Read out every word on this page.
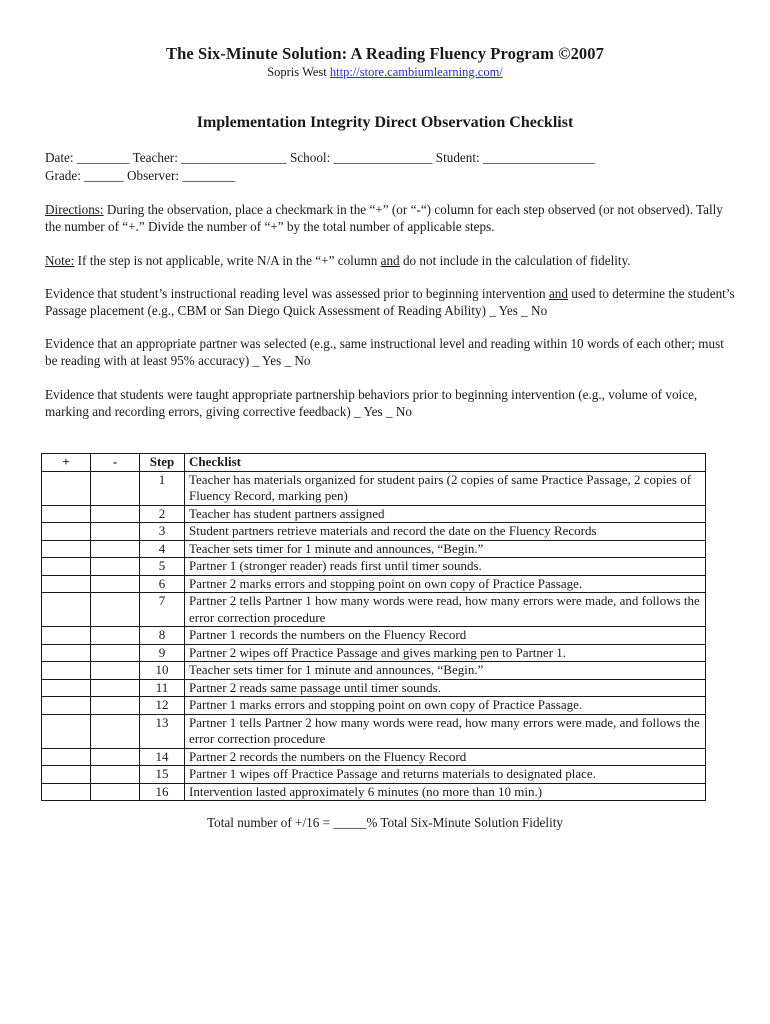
The Six-Minute Solution: A Reading Fluency Program ©2007
Sopris West http://store.cambiumlearning.com/
Implementation Integrity Direct Observation Checklist
Date: ________ Teacher: ________________ School: _______________ Student: _________________
Grade: ______ Observer: ________
Directions: During the observation, place a checkmark in the “+” (or “-“) column for each step observed (or not observed). Tally the number of “+.” Divide the number of “+” by the total number of applicable steps.
Note: If the step is not applicable, write N/A in the “+” column and do not include in the calculation of fidelity.
Evidence that student’s instructional reading level was assessed prior to beginning intervention and used to determine the student’s Passage placement (e.g., CBM or San Diego Quick Assessment of Reading Ability) _ Yes _ No
Evidence that an appropriate partner was selected (e.g., same instructional level and reading within 10 words of each other; must be reading with at least 95% accuracy) _ Yes _ No
Evidence that students were taught appropriate partnership behaviors prior to beginning intervention (e.g., volume of voice, marking and recording errors, giving corrective feedback) _ Yes _ No
+	-	Step	Checklist
		1	Teacher has materials organized for student pairs (2 copies of same Practice Passage, 2 copies of Fluency Record, marking pen)
		2	Teacher has student partners assigned
		3	Student partners retrieve materials and record the date on the Fluency Records
		4	Teacher sets timer for 1 minute and announces, “Begin.”
		5	Partner 1 (stronger reader) reads first until timer sounds.
		6	Partner 2 marks errors and stopping point on own copy of Practice Passage.
		7	Partner 2 tells Partner 1 how many words were read, how many errors were made, and follows the error correction procedure
		8	Partner 1 records the numbers on the Fluency Record
		9	Partner 2 wipes off Practice Passage and gives marking pen to Partner 1.
		10	Teacher sets timer for 1 minute and announces, “Begin.”
		11	Partner 2 reads same passage until timer sounds.
		12	Partner 1 marks errors and stopping point on own copy of Practice Passage.
		13	Partner 1 tells Partner 2 how many words were read, how many errors were made, and follows the error correction procedure
		14	Partner 2 records the numbers on the Fluency Record
		15	Partner 1 wipes off Practice Passage and returns materials to designated place.
		16	Intervention lasted approximately 6 minutes (no more than 10 min.)
Total number of +/16 = _____% Total Six-Minute Solution Fidelity
